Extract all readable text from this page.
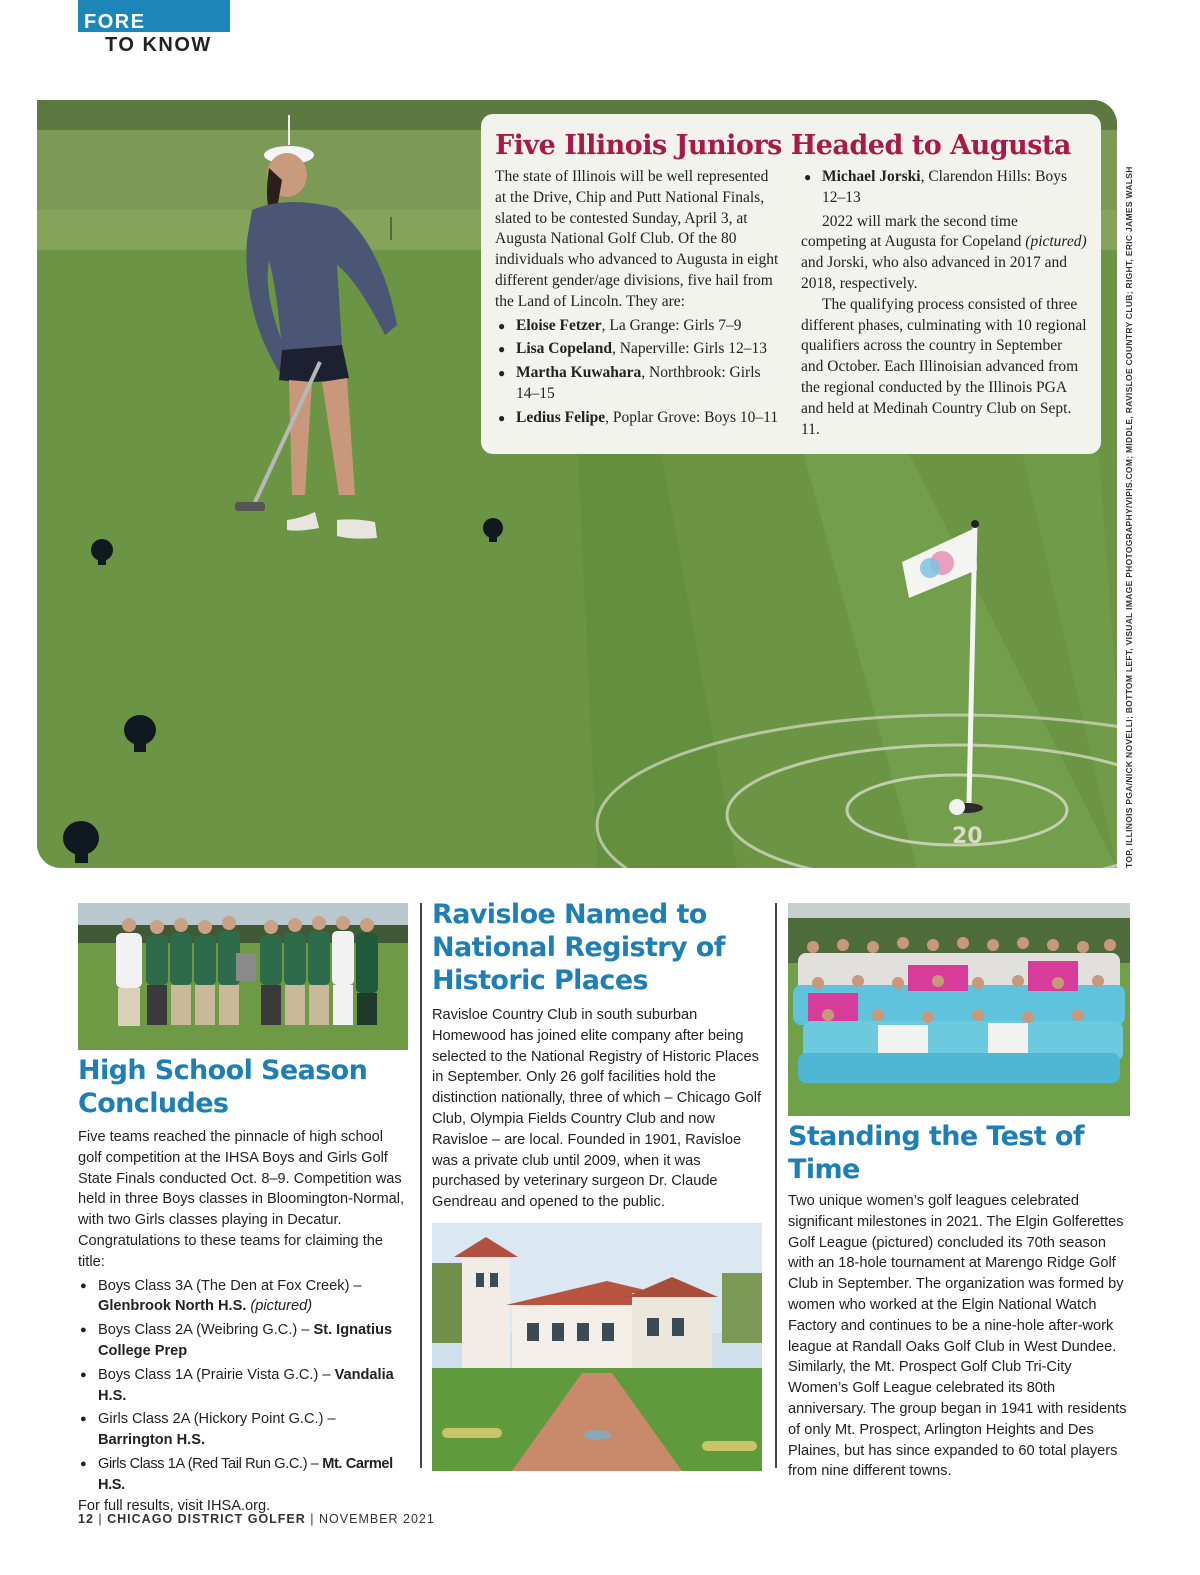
FORE
TO KNOW
20
Five Illinois Juniors Headed to Augusta

The state of Illinois will be well represented at the Drive, Chip and Putt National Finals, slated to be contested Sunday, April 3, at Augusta National Golf Club. Of the 80 individuals who advanced to Augusta in eight different gender/age divisions, five hail from the Land of Lincoln. They are:

● Eloise Fetzer, La Grange: Girls 7–9
● Lisa Copeland, Naperville: Girls 12–13
● Martha Kuwahara, Northbrook: Girls 14–15
● Ledius Felipe, Poplar Grove: Boys 10–11
● Michael Jorski, Clarendon Hills: Boys 12–13

2022 will mark the second time competing at Augusta for Copeland (pictured) and Jorski, who also advanced in 2017 and 2018, respectively.

The qualifying process consisted of three different phases, culminating with 10 regional qualifiers across the country in September and October. Each Illinoisian advanced from the regional conducted by the Illinois PGA and held at Medinah Country Club on Sept. 11.	TOP, ILLINOIS PGA/NICK NOVELLI; BOTTOM LEFT, VISUAL IMAGE PHOTOGRAPHY/VIPIS.COM; MIDDLE, RAVISLOE COUNTRY CLUB; RIGHT, ERIC JAMES WALSH
High School Season Concludes

Five teams reached the pinnacle of high school golf competition at the IHSA Boys and Girls Golf State Finals conducted Oct. 8–9. Competition was held in three Boys classes in Bloomington-Normal, with two Girls classes playing in Decatur. Congratulations to these teams for claiming the title:

● Boys Class 3A (The Den at Fox Creek) – Glenbrook North H.S. (pictured)
● Boys Class 2A (Weibring G.C.) – St. Ignatius College Prep
● Boys Class 1A (Prairie Vista G.C.) – Vandalia H.S.
● Girls Class 2A (Hickory Point G.C.) – Barrington H.S.
● Girls Class 1A (Red Tail Run G.C.) – Mt. Carmel H.S.

For full results, visit IHSA.org.

Ravisloe Named to National Registry of Historic Places

Ravisloe Country Club in south suburban Homewood has joined elite company after being selected to the National Registry of Historic Places in September. Only 26 golf facilities hold the distinction nationally, three of which – Chicago Golf Club, Olympia Fields Country Club and now Ravisloe – are local. Founded in 1901, Ravisloe was a private club until 2009, when it was purchased by veterinary surgeon Dr. Claude Gendreau and opened to the public.

Standing the Test of Time

Two unique women’s golf leagues celebrated significant milestones in 2021. The Elgin Golferettes Golf League (pictured) concluded its 70th season with an 18-hole tournament at Marengo Ridge Golf Club in September. The organization was formed by women who worked at the Elgin National Watch Factory and continues to be a nine-hole after-work league at Randall Oaks Golf Club in West Dundee. Similarly, the Mt. Prospect Golf Club Tri-City Women’s Golf League celebrated its 80th anniversary. The group began in 1941 with residents of only Mt. Prospect, Arlington Heights and Des Plaines, but has since expanded to 60 total players from nine different towns.

12 | CHICAGO DISTRICT GOLFER | NOVEMBER 2021
